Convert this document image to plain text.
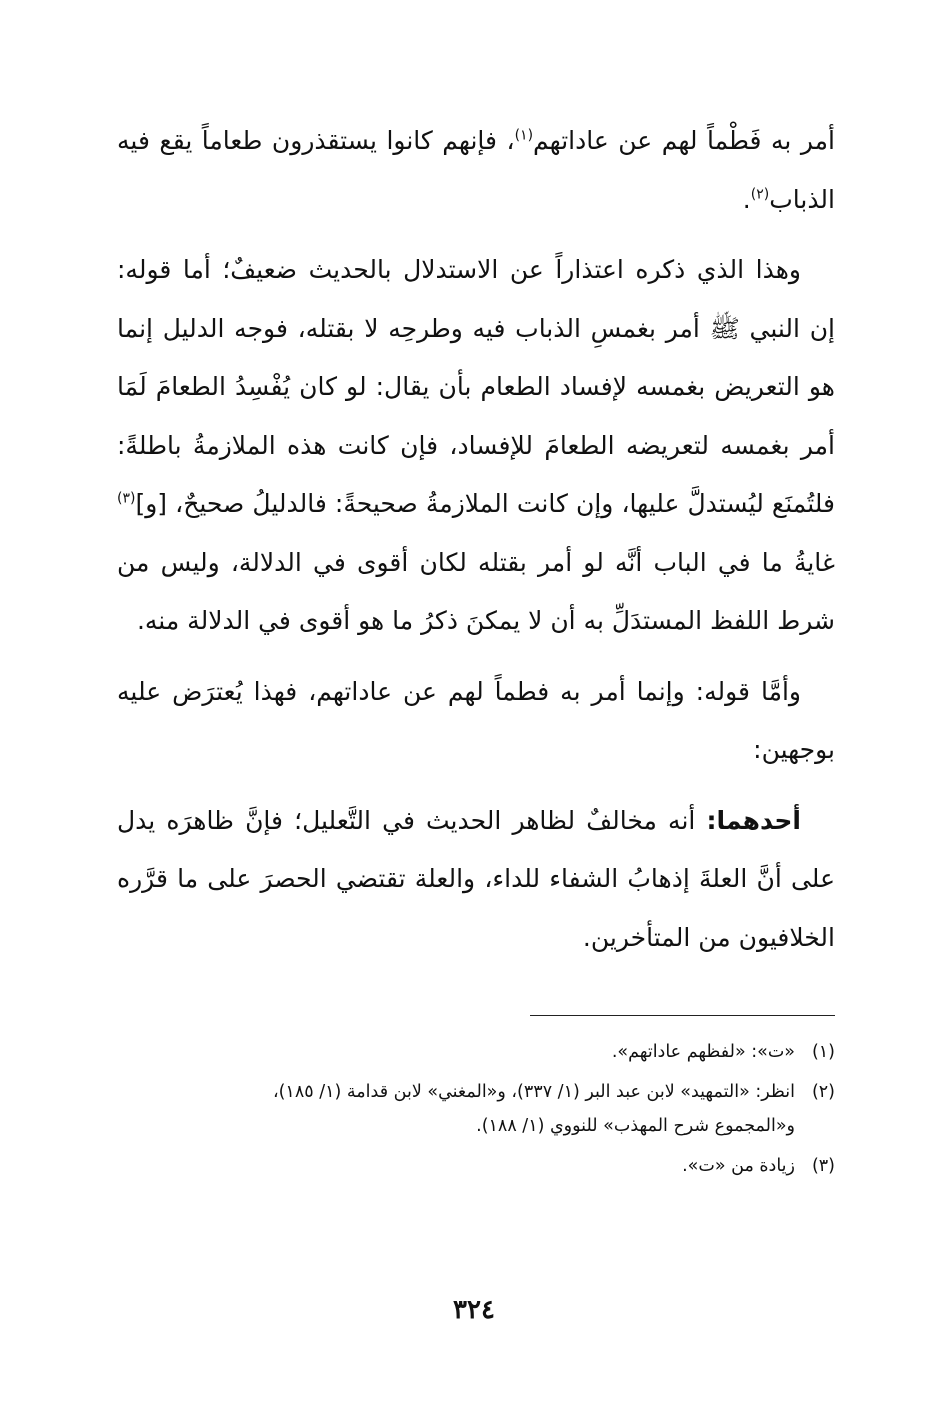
أمر به فَطْماً لهم عن عاداتهم$^{(١)}$، فإنهم كانوا يستقذرون طعاماً يقع فيه الذباب$^{(٢)}$.

وهذا الذي ذكره اعتذاراً عن الاستدلال بالحديث ضعيفٌ؛ أما قوله: إن النبي ﷺ أمر بغمسِ الذباب فيه وطرحِه لا بقتله، فوجه الدليل إنما هو التعريض بغمسه لإفساد الطعام بأن يقال: لو كان يُفْسِدُ الطعامَ لَمَا أمر بغمسه لتعريضه الطعامَ للإفساد، فإن كانت هذه الملازمةُ باطلةً: فلتُمنَع ليُستدلَّ عليها، وإن كانت الملازمةُ صحيحةً: فالدليلُ صحيحٌ، [و]$^{(٣)}$ غايةُ ما في الباب أنَّه لو أمر بقتله لكان أقوى في الدلالة، وليس من شرط اللفظ المستدَلِّ به أن لا يمكنَ ذكرُ ما هو أقوى في الدلالة منه.

وأمَّا قوله: وإنما أمر به فطماً لهم عن عاداتهم، فهذا يُعترَض عليه بوجهين:

أحدهما: أنه مخالفٌ لظاهر الحديث في التَّعليل؛ فإنَّ ظاهرَه يدل على أنَّ العلةَ إذهابُ الشفاء للداء، والعلة تقتضي الحصرَ على ما قرَّره الخلافيون من المتأخرين.

(١)«ت»: «لفظهم عاداتهم».
(٢)انظر: «التمهيد» لابن عبد البر (١/ ٣٣٧)، و«المغني» لابن قدامة (١/ ١٨٥)،
و«المجموع شرح المهذب» للنووي (١/ ١٨٨).
(٣)زيادة من «ت».
٣٢٤
